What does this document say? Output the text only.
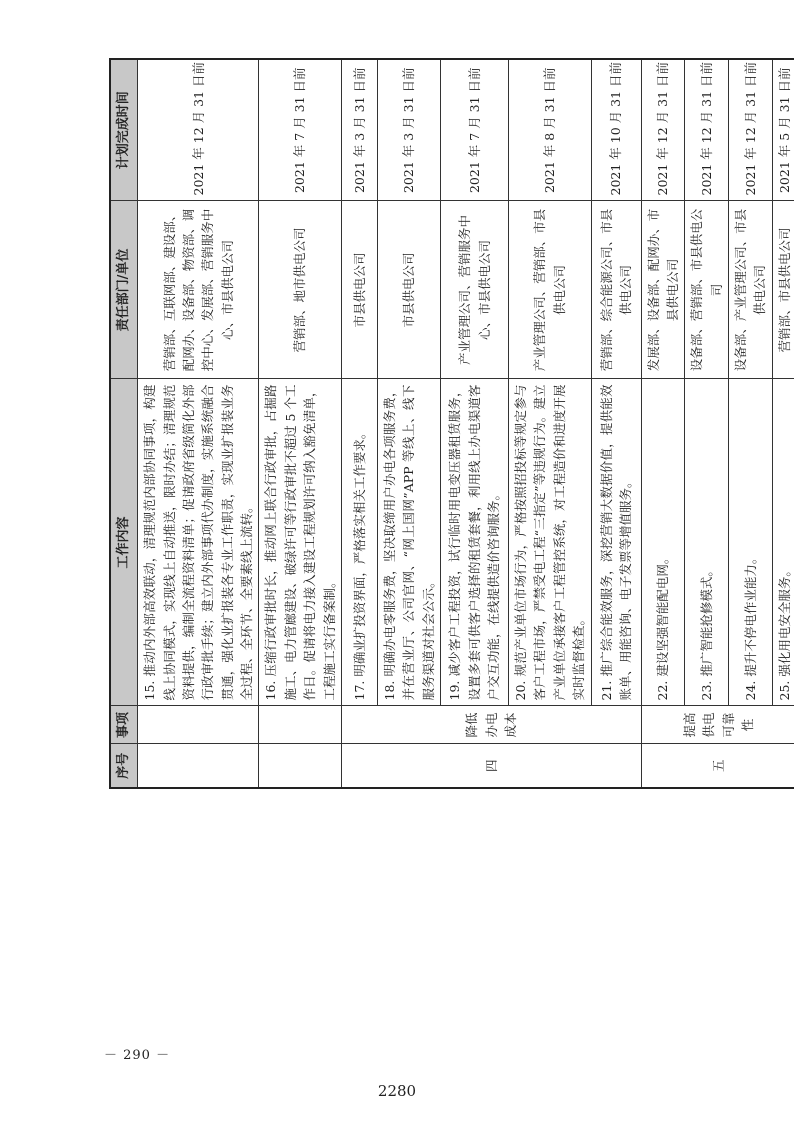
序号	事项	工作内容	责任部门/单位	计划完成时间
		15. 推动内外部高效联动，清理规范内部协同事项，构建线上协同模式，实现线上自动推送，限时办结；清理规范资料提供，编制全流程资料清单；促请政府省级简化外部行政审批手续；建立内外部事项代办制度，实施系统融合贯通，强化业扩报装各专业工作职责，实现业扩报装业务全过程、全环节、全要素线上流转。	营销部、互联网部、建设部、配网办、设备部、物资部、调控中心、发展部、营销服务中心、市县供电公司	2021 年 12 月 31 日前
		16. 压缩行政审批时长，推动网上联合行政审批，占掘路施工、电力管廊建设、破绿许可等行政审批不超过 5 个工作日。促请将电力接入建设工程规划许可纳入豁免清单，工程施工实行备案制。	营销部、地市供电公司	2021 年 7 月 31 日前
四	降低办电成本	17. 明确业扩投资界面，严格落实相关工作要求。	市县供电公司	2021 年 3 月 31 日前
		18. 明确办电零服务费，坚决取缔用户办电各项服务费，并在营业厅、公司官网、“网上国网”APP 等线上、线下服务渠道对社会公示。	市县供电公司	2021 年 3 月 31 日前
		19. 减少客户工程投资，试行临时用电变压器租赁服务，设置多套可供客户选择的租赁套餐，利用线上办电渠道客户交互功能，在线提供造价咨询服务。	产业管理公司、营销服务中心、市县供电公司	2021 年 7 月 31 日前
		20. 规范产业单位市场行为，严格按照招投标等规定参与客户工程市场，严禁受电工程“三指定”等违规行为。建立产业单位承接客户工程管控系统，对工程造价和进度开展实时监督检查。	产业管理公司、营销部、市县供电公司	2021 年 8 月 31 日前
		21. 推广综合能效服务，深挖营销大数据价值，提供能效账单、用能咨询、电子发票等增值服务。	营销部、综合能源公司、市县供电公司	2021 年 10 月 31 日前
五	提高供电可靠性	22. 建设坚强智能配电网。	发展部、设备部、配网办、市县供电公司	2021 年 12 月 31 日前
		23. 推广智能抢修模式。	设备部、营销部、市县供电公司	2021 年 12 月 31 日前
		24. 提升不停电作业能力。	设备部、产业管理公司、市县供电公司	2021 年 12 月 31 日前
		25. 强化用电安全服务。	营销部、市县供电公司	2021 年 5 月 31 日前
－ 290 －
2280
